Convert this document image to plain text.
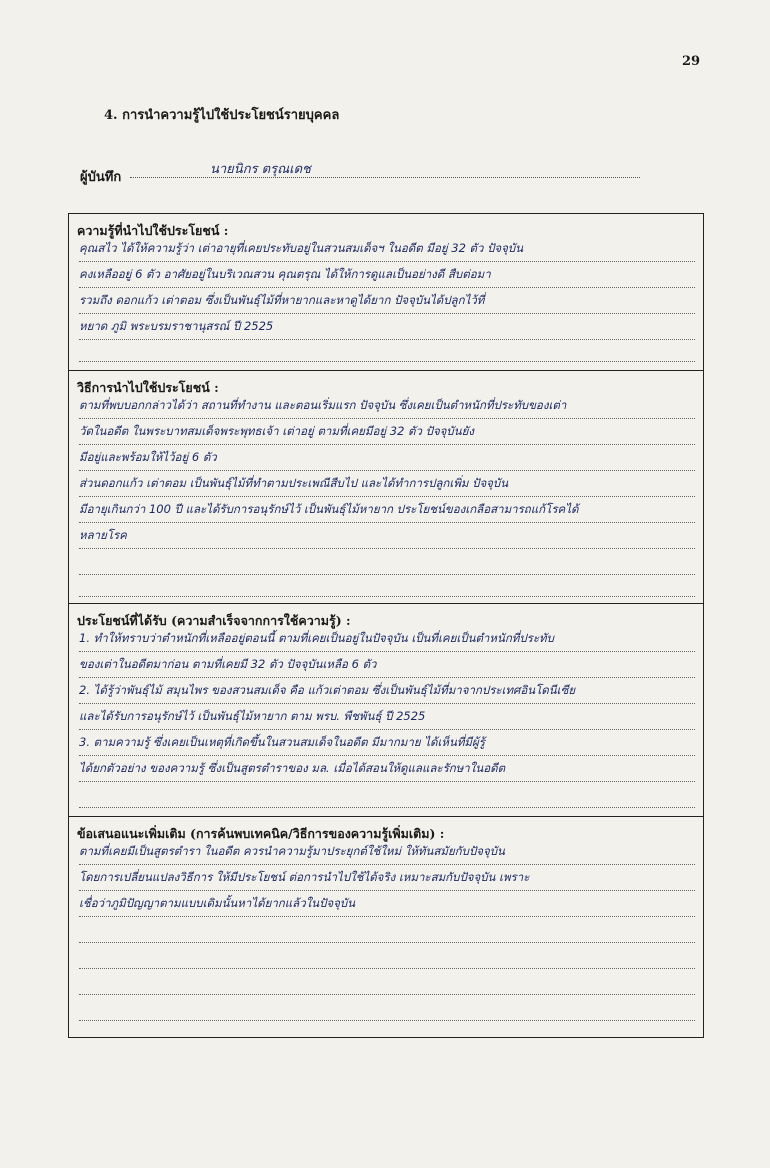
29
4. การนำความรู้ไปใช้ประโยชน์รายบุคคล
ผู้บันทึก
นายนิกร ตรุณเดช
ความรู้ที่นำไปใช้ประโยชน์ :
คุณสไว ได้ให้ความรู้ว่า เต่าอายุที่เคยประทับอยู่ในสวนสมเด็จฯ ในอดีต มีอยู่ 32 ตัว ปัจจุบัน
คงเหลืออยู่ 6 ตัว อาศัยอยู่ในบริเวณสวน คุณตรุณ ได้ให้การดูแลเป็นอย่างดี สืบต่อมา
รวมถึง ดอกแก้ว เต่าตอม ซึ่งเป็นพันธุ์ไม้ที่หายากและหาดูได้ยาก ปัจจุบันได้ปลูกไว้ที่
หยาด ภูมิ พระบรมราชานุสรณ์ ปี 2525
วิธีการนำไปใช้ประโยชน์ :
ตามที่พบบอกกล่าวได้ว่า สถานที่ทำงาน และตอนเริ่มแรก ปัจจุบัน ซึ่งเคยเป็นตำหนักที่ประทับของเต่า
วัดในอดีต ในพระบาทสมเด็จพระพุทธเจ้า เต่าอยู่ ตามที่เคยมีอยู่ 32 ตัว ปัจจุบันยัง
มีอยู่และพร้อมให้ไว้อยู่ 6 ตัว
ส่วนดอกแก้ว เต่าตอม เป็นพันธุ์ไม้ที่ทำตามประเพณีสืบไป และได้ทำการปลูกเพิ่ม ปัจจุบัน
มีอายุเกินกว่า 100 ปี และได้รับการอนุรักษ์ไว้ เป็นพันธุ์ไม้หายาก ประโยชน์ของเกลือสามารถแก้โรคได้
หลายโรค
ประโยชน์ที่ได้รับ (ความสำเร็จจากการใช้ความรู้) :
1. ทำให้ทราบว่าตำหนักที่เหลืออยู่ตอนนี้ ตามที่เคยเป็นอยู่ในปัจจุบัน เป็นที่เคยเป็นตำหนักที่ประทับ
ของเต่าในอดีตมาก่อน ตามที่เคยมี 32 ตัว ปัจจุบันเหลือ 6 ตัว
2. ได้รู้ว่าพันธุ์ไม้ สมุนไพร ของสวนสมเด็จ คือ แก้วเต่าตอม ซึ่งเป็นพันธุ์ไม้ที่มาจากประเทศอินโดนีเซีย
และได้รับการอนุรักษ์ไว้ เป็นพันธุ์ไม้หายาก ตาม พรบ. พืชพันธุ์ ปี 2525
3. ตามความรู้ ซึ่งเคยเป็นเหตุที่เกิดขึ้นในสวนสมเด็จในอดีต มีมากมาย ได้เห็นที่มีผู้รู้
ได้ยกตัวอย่าง ของความรู้ ซึ่งเป็นสูตรตำราของ มล. เมื่อได้สอนให้ดูแลและรักษาในอดีต
ข้อเสนอแนะเพิ่มเติม (การค้นพบเทคนิค/วิธีการของความรู้เพิ่มเติม) :
ตามที่เคยมีเป็นสูตรตำรา ในอดีต ควรนำความรู้มาประยุกต์ใช้ใหม่ ให้ทันสมัยกับปัจจุบัน
โดยการเปลี่ยนแปลงวิธีการ ให้มีประโยชน์ ต่อการนำไปใช้ได้จริง เหมาะสมกับปัจจุบัน เพราะ
เชื่อว่าภูมิปัญญาตามแบบเดิมนั้นหาได้ยากแล้วในปัจจุบัน
